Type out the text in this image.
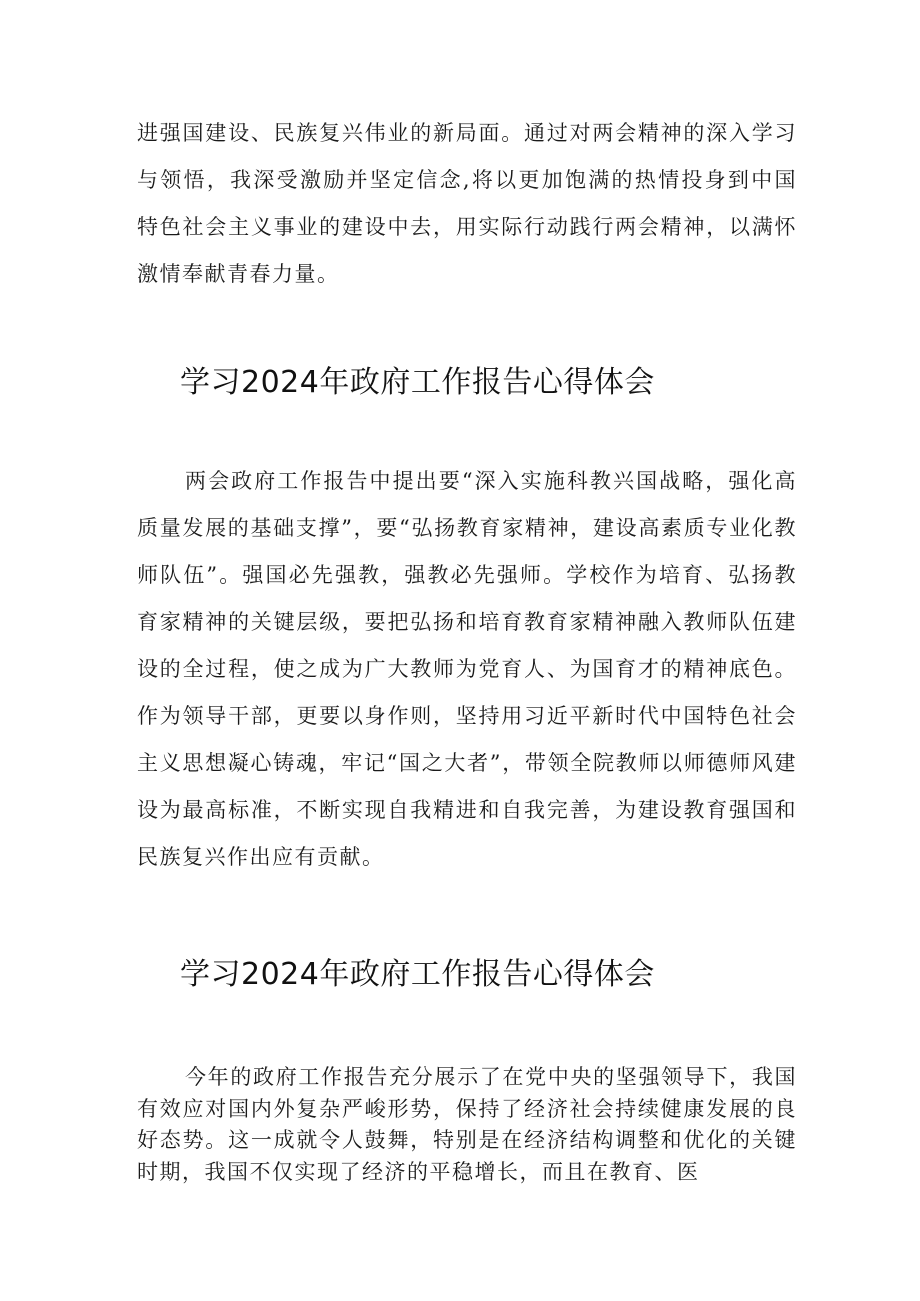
进强国建设、民族复兴伟业的新局面。通过对两会精神的深入学习与领悟，我深受激励并坚定信念,将以更加饱满的热情投身到中国特色社会主义事业的建设中去，用实际行动践行两会精神，以满怀激情奉献青春力量。

学习2024年政府工作报告心得体会

两会政府工作报告中提出要“深入实施科教兴国战略，强化高质量发展的基础支撑”，要“弘扬教育家精神，建设高素质专业化教师队伍”。强国必先强教，强教必先强师。学校作为培育、弘扬教育家精神的关键层级，要把弘扬和培育教育家精神融入教师队伍建设的全过程，使之成为广大教师为党育人、为国育才的精神底色。作为领导干部，更要以身作则，坚持用习近平新时代中国特色社会主义思想凝心铸魂，牢记“国之大者”，带领全院教师以师德师风建设为最高标准，不断实现自我精进和自我完善，为建设教育强国和民族复兴作出应有贡献。

学习2024年政府工作报告心得体会

今年的政府工作报告充分展示了在党中央的坚强领导下，我国有效应对国内外复杂严峻形势，保持了经济社会持续健康发展的良好态势。这一成就令人鼓舞，特别是在经济结构调整和优化的关键时期，我国不仅实现了经济的平稳增长，而且在教育、医
